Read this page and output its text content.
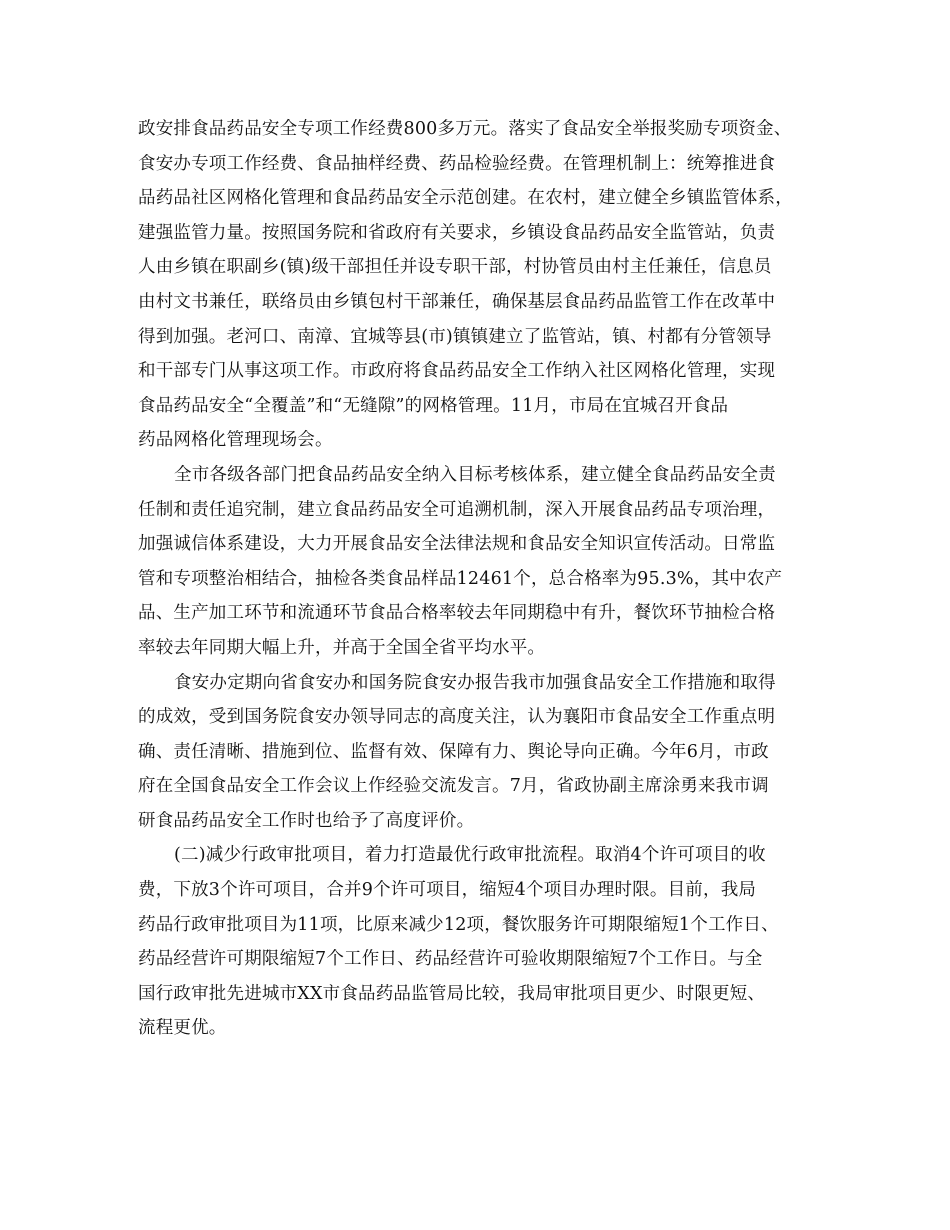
政安排食品药品安全专项工作经费800多万元。落实了食品安全举报奖励专项资金、
食安办专项工作经费、食品抽样经费、药品检验经费。在管理机制上：统筹推进食
品药品社区网格化管理和食品药品安全示范创建。在农村，建立健全乡镇监管体系，
建强监管力量。按照国务院和省政府有关要求，乡镇设食品药品安全监管站，负责
人由乡镇在职副乡(镇)级干部担任并设专职干部，村协管员由村主任兼任，信息员
由村文书兼任，联络员由乡镇包村干部兼任，确保基层食品药品监管工作在改革中
得到加强。老河口、南漳、宜城等县(市)镇镇建立了监管站，镇、村都有分管领导
和干部专门从事这项工作。市政府将食品药品安全工作纳入社区网格化管理，实现
食品药品安全“全覆盖”和“无缝隙”的网格管理。11月，市局在宜城召开食品
药品网格化管理现场会。
全市各级各部门把食品药品安全纳入目标考核体系，建立健全食品药品安全责
任制和责任追究制，建立食品药品安全可追溯机制，深入开展食品药品专项治理，
加强诚信体系建设，大力开展食品安全法律法规和食品安全知识宣传活动。日常监
管和专项整治相结合，抽检各类食品样品12461个，总合格率为95.3%，其中农产
品、生产加工环节和流通环节食品合格率较去年同期稳中有升，餐饮环节抽检合格
率较去年同期大幅上升，并高于全国全省平均水平。
食安办定期向省食安办和国务院食安办报告我市加强食品安全工作措施和取得
的成效，受到国务院食安办领导同志的高度关注，认为襄阳市食品安全工作重点明
确、责任清晰、措施到位、监督有效、保障有力、舆论导向正确。今年6月，市政
府在全国食品安全工作会议上作经验交流发言。7月，省政协副主席涂勇来我市调
研食品药品安全工作时也给予了高度评价。
(二)减少行政审批项目，着力打造最优行政审批流程。取消4个许可项目的收
费，下放3个许可项目，合并9个许可项目，缩短4个项目办理时限。目前，我局
药品行政审批项目为11项，比原来减少12项，餐饮服务许可期限缩短1个工作日、
药品经营许可期限缩短7个工作日、药品经营许可验收期限缩短7个工作日。与全
国行政审批先进城市XX市食品药品监管局比较，我局审批项目更少、时限更短、
流程更优。
